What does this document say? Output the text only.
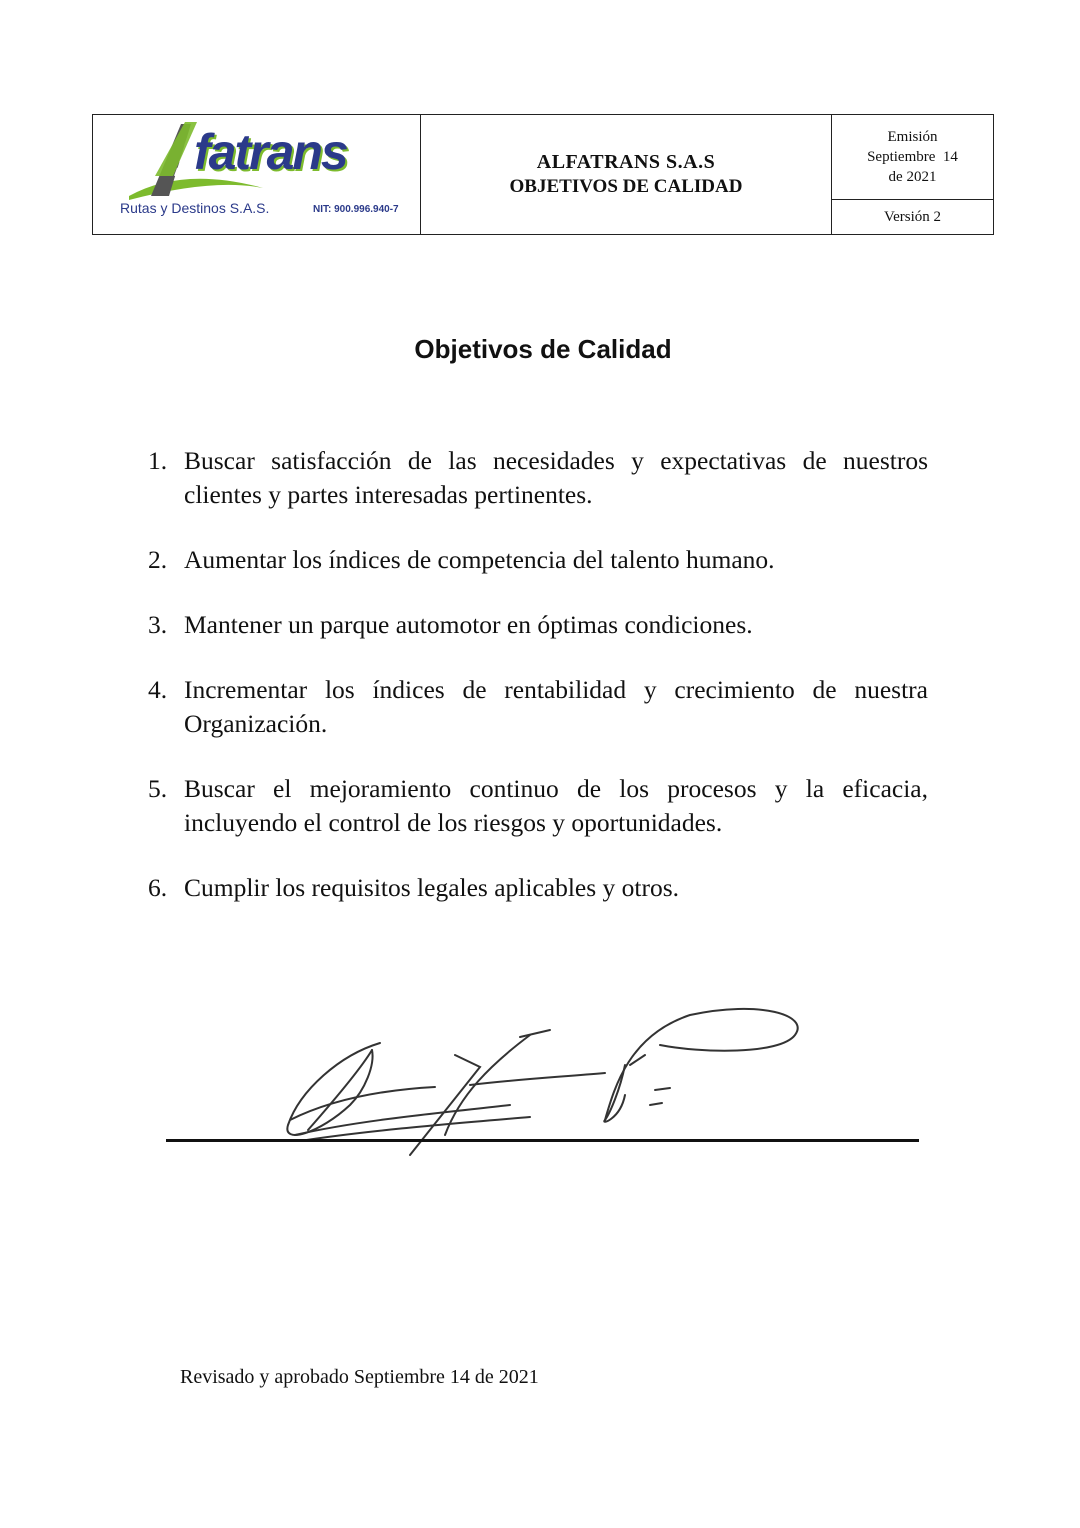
fatrans
Rutas y Destinos S.A.S.	NIT: 900.996.940-7

ALFATRANS S.A.S
OBJETIVOS DE CALIDAD

Emisión
Septiembre  14
de 2021
Versión 2
Objetivos de Calidad
1. Buscar satisfacción de las necesidades y expectativas de nuestros clientes y partes interesadas pertinentes.
2. Aumentar los índices de competencia del talento humano.
3. Mantener un parque automotor en óptimas condiciones.
4. Incrementar los índices de rentabilidad y crecimiento de nuestra Organización.
5. Buscar el mejoramiento continuo de los procesos y la eficacia, incluyendo el control de los riesgos y oportunidades.
6. Cumplir los requisitos legales aplicables y otros.
Revisado y aprobado Septiembre 14 de 2021
